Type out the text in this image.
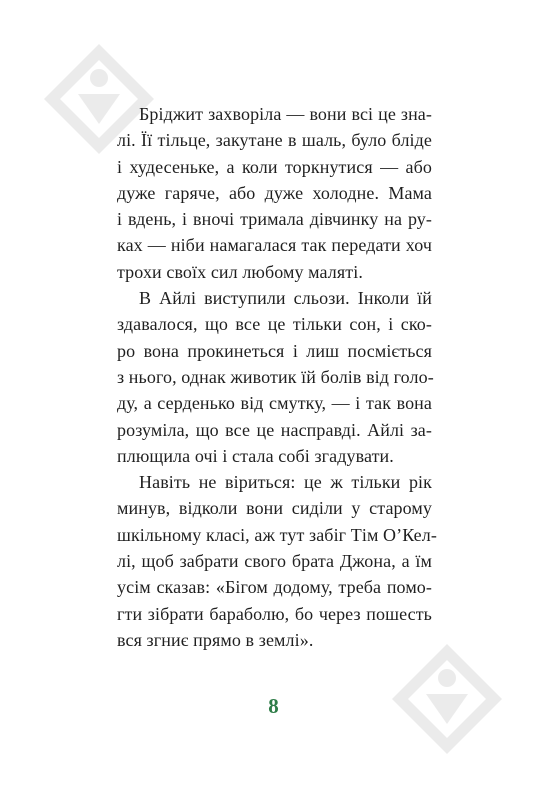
Бріджит захворіла — вони всі це зна-
лі. Її тільце, закутане в шаль, було бліде
і худесеньке, а коли торкнутися — або
дуже гаряче, або дуже холодне. Мама
і вдень, і вночі тримала дівчинку на ру-
ках — ніби намагалася так передати хоч
трохи своїх сил любому маляті.

В Айлі виступили сльози. Інколи їй
здавалося, що все це тільки сон, і ско-
ро вона прокинеться і лиш посміється
з нього, однак животик їй болів від голо-
ду, а серденько від смутку, — і так вона
розуміла, що все це насправді. Айлі за-
плющила очі і стала собі згадувати.

Навіть не віриться: це ж тільки рік
минув, відколи вони сиділи у старому
шкільному класі, аж тут забіг Тім О’Кел-
лі, щоб забрати свого брата Джона, а їм
усім сказав: «Бігом додому, треба помо-
гти зібрати бараболю, бо через пошесть
вся згниє прямо в землі».

8
